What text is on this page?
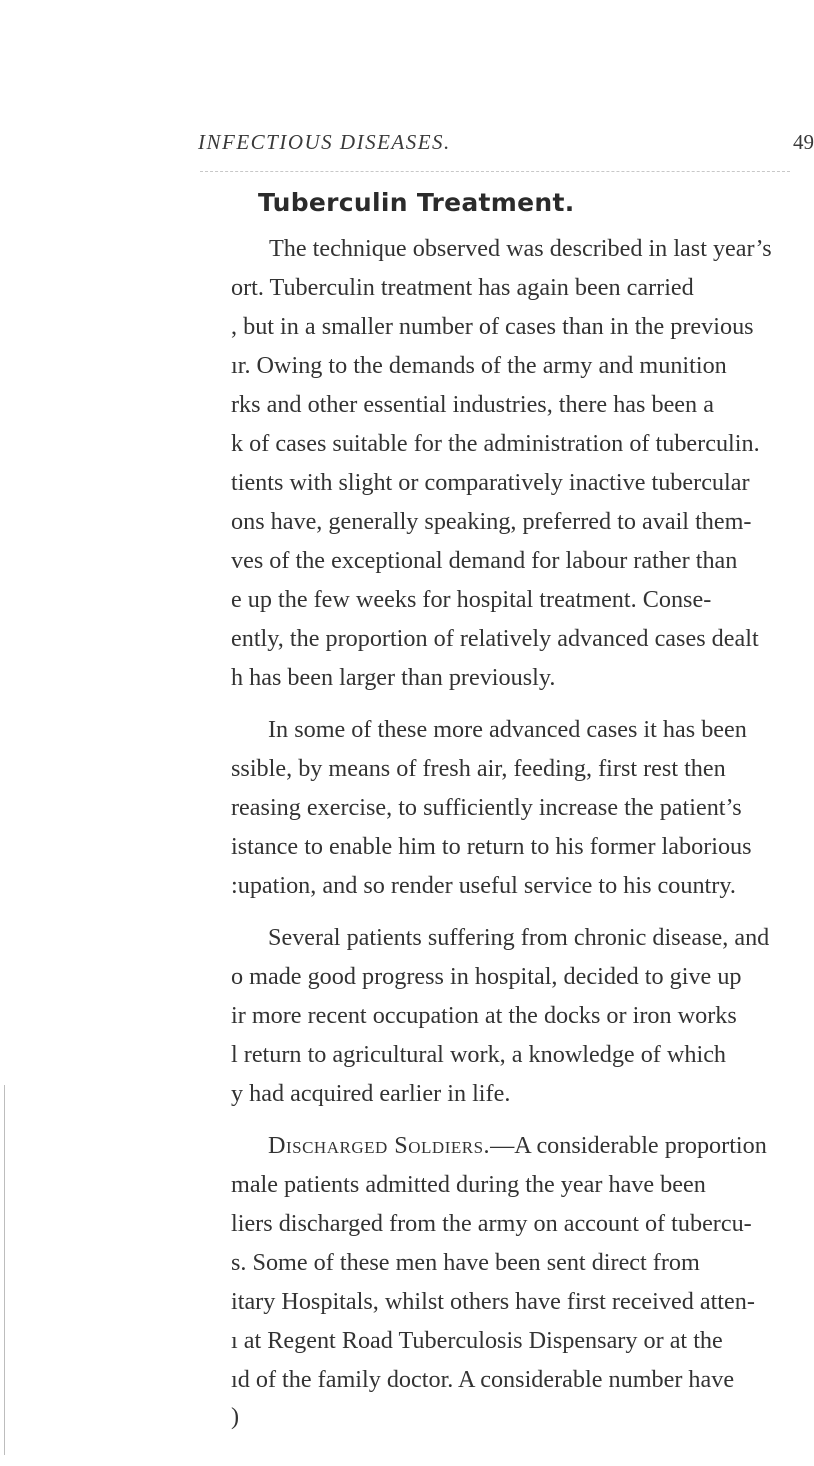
INFECTIOUS DISEASES.	49
Tuberculin Treatment.
The technique observed was described in last year’s
ort. Tuberculin treatment has again been carried
, but in a smaller number of cases than in the previous
ır. Owing to the demands of the army and munition
rks and other essential industries, there has been a
k of cases suitable for the administration of tuberculin.
tients with slight or comparatively inactive tubercular
ons have, generally speaking, preferred to avail them-
ves of the exceptional demand for labour rather than
e up the few weeks for hospital treatment. Conse-
ently, the proportion of relatively advanced cases dealt
h has been larger than previously.
In some of these more advanced cases it has been
ssible, by means of fresh air, feeding, first rest then
reasing exercise, to sufficiently increase the patient’s
istance to enable him to return to his former laborious
:upation, and so render useful service to his country.
Several patients suffering from chronic disease, and
o made good progress in hospital, decided to give up
ir more recent occupation at the docks or iron works
l return to agricultural work, a knowledge of which
y had acquired earlier in life.
Discharged Soldiers.—A considerable proportion
male patients admitted during the year have been
liers discharged from the army on account of tubercu-
s. Some of these men have been sent direct from
itary Hospitals, whilst others have first received atten-
ı at Regent Road Tuberculosis Dispensary or at the
ıd of the family doctor. A considerable number have
)
